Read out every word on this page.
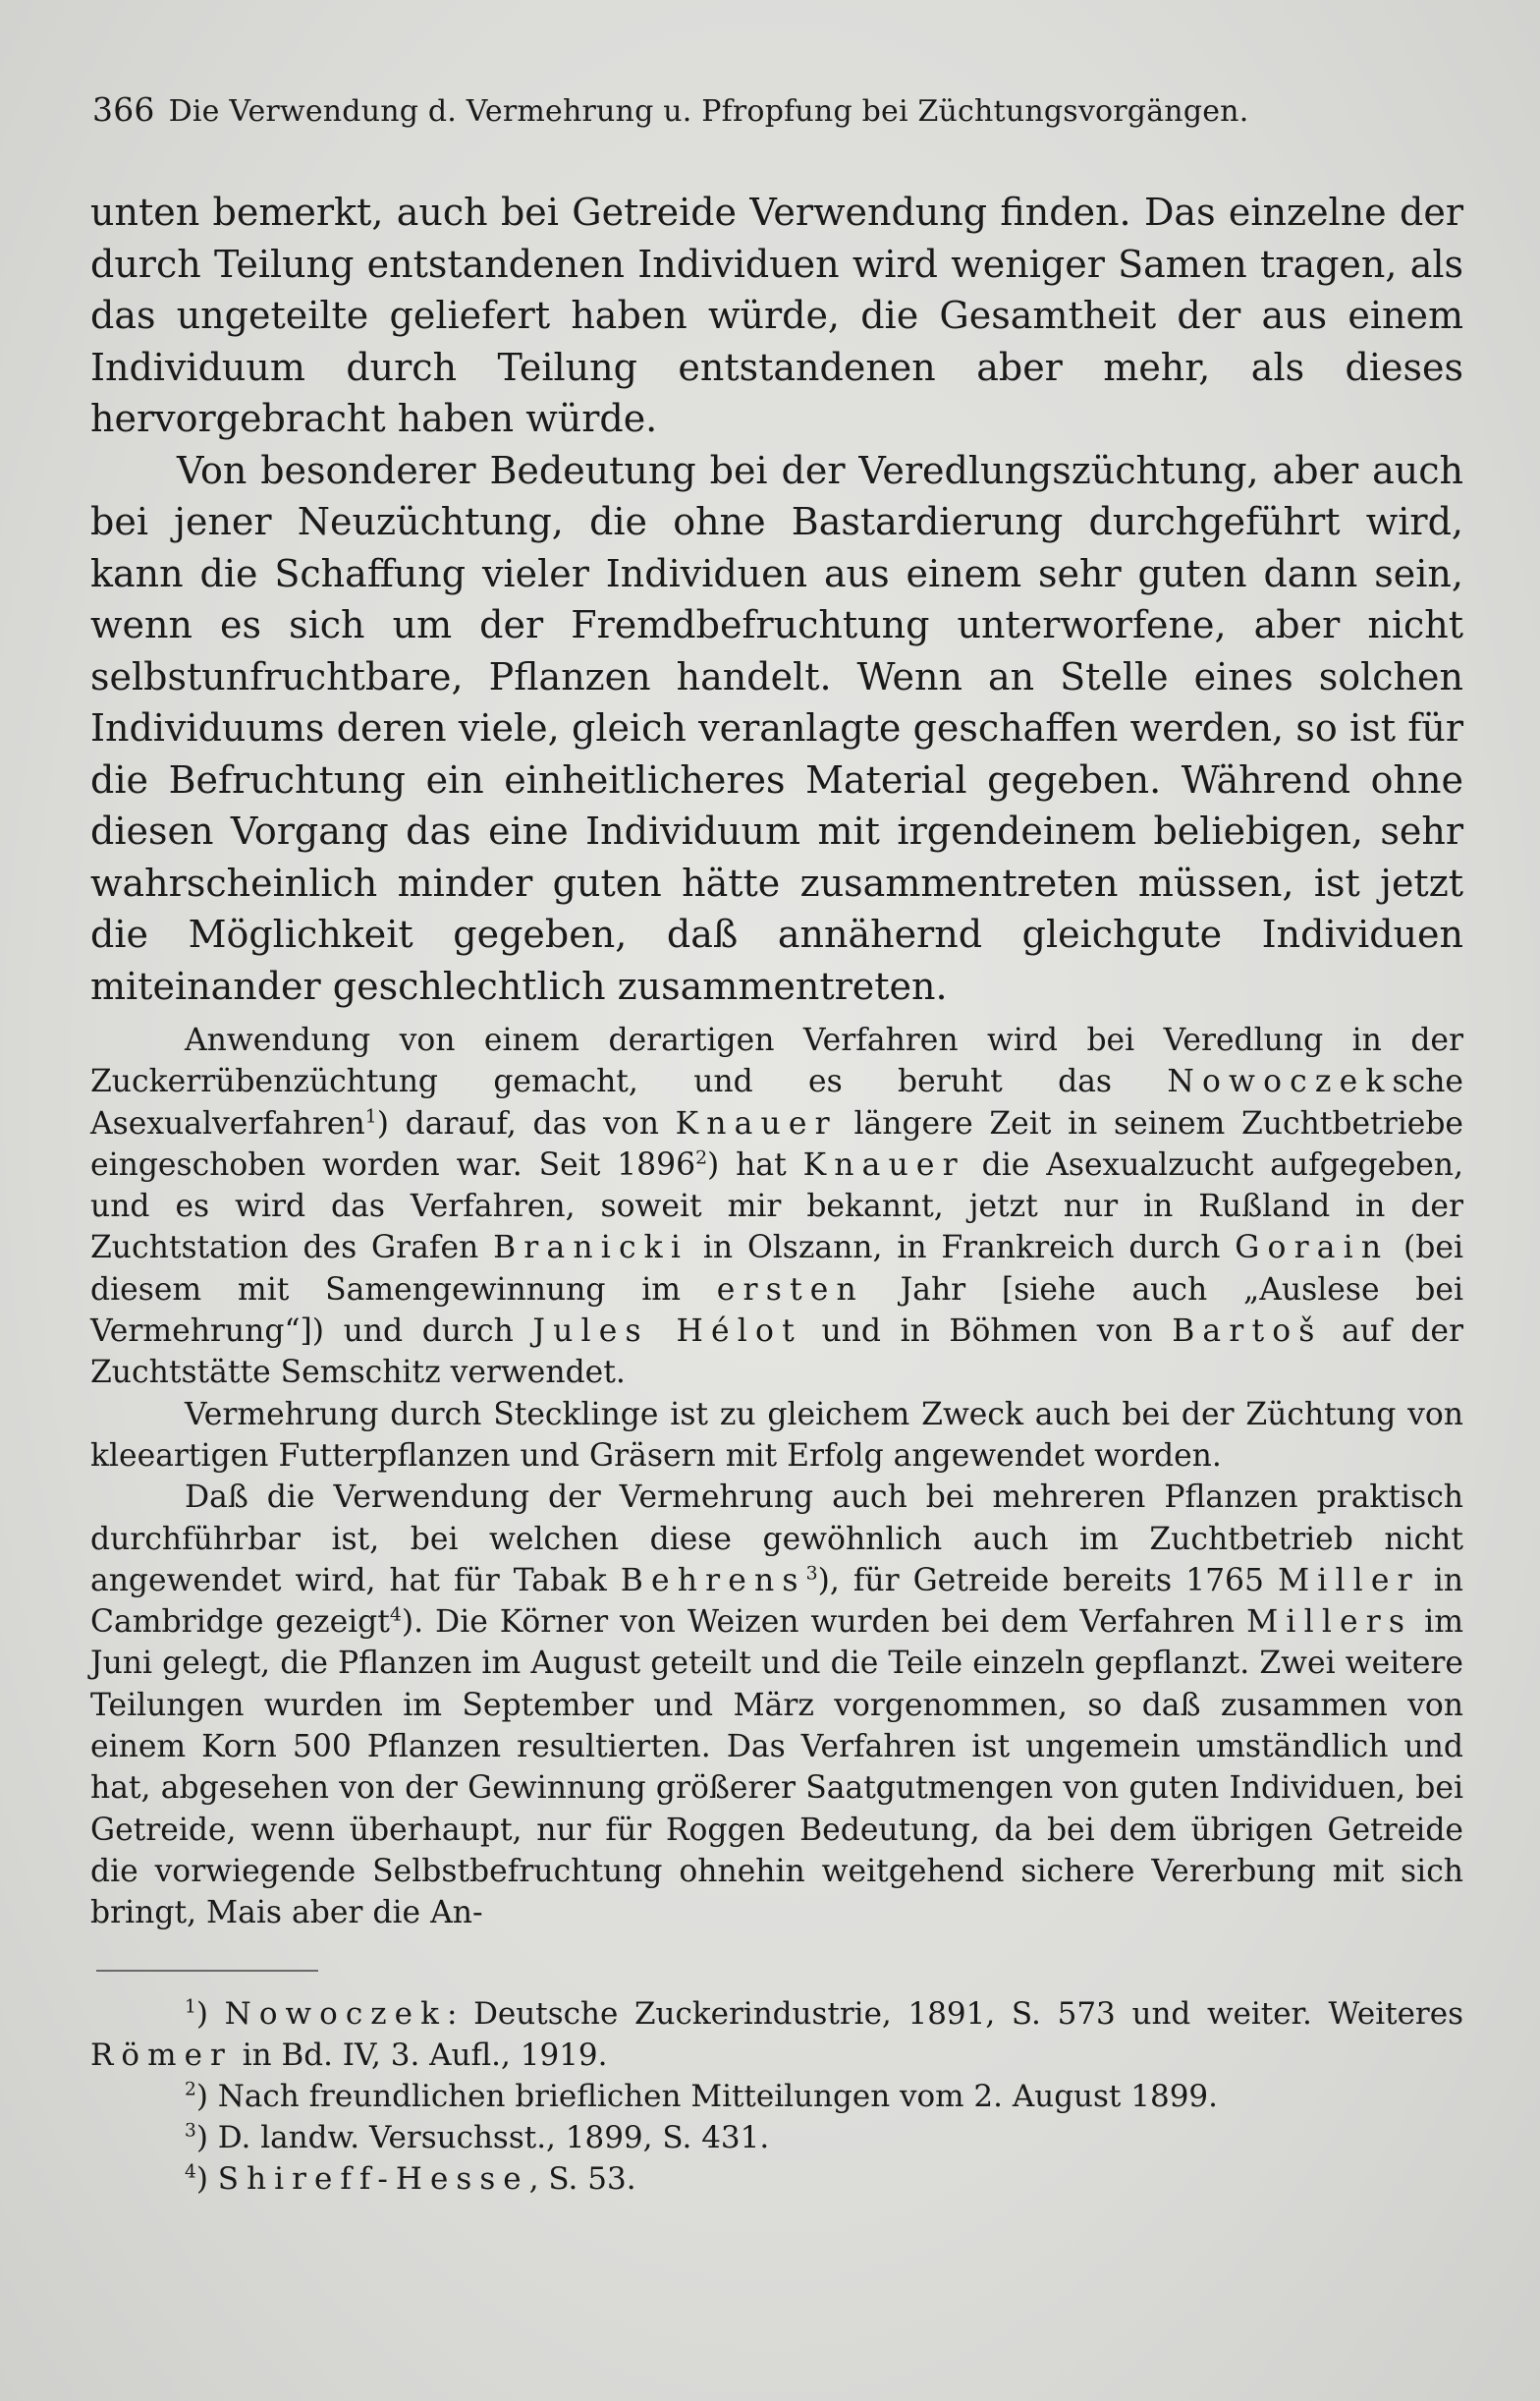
366 Die Verwendung d. Vermehrung u. Pfropfung bei Züchtungsvorgängen.

unten bemerkt, auch bei Getreide Verwendung finden. Das einzelne der durch Teilung entstandenen Individuen wird weniger Samen tragen, als das ungeteilte geliefert haben würde, die Gesamtheit der aus einem Individuum durch Teilung entstandenen aber mehr, als dieses hervorgebracht haben würde.

Von besonderer Bedeutung bei der Veredlungszüchtung, aber auch bei jener Neuzüchtung, die ohne Bastardierung durchgeführt wird, kann die Schaffung vieler Individuen aus einem sehr guten dann sein, wenn es sich um der Fremdbefruchtung unterworfene, aber nicht selbstunfruchtbare, Pflanzen handelt. Wenn an Stelle eines solchen Individuums deren viele, gleich veranlagte geschaffen werden, so ist für die Befruchtung ein einheitlicheres Material gegeben. Während ohne diesen Vorgang das eine Individuum mit irgendeinem beliebigen, sehr wahrscheinlich minder guten hätte zusammentreten müssen, ist jetzt die Möglichkeit gegeben, daß annähernd gleichgute Individuen miteinander geschlechtlich zusammentreten.

Anwendung von einem derartigen Verfahren wird bei Veredlung in der Zuckerrübenzüchtung gemacht, und es beruht das Nowoczeksche Asexualverfahren$^1$) darauf, das von Knauer längere Zeit in seinem Zuchtbetriebe eingeschoben worden war. Seit 1896$^2$) hat Knauer die Asexualzucht aufgegeben, und es wird das Verfahren, soweit mir bekannt, jetzt nur in Rußland in der Zuchtstation des Grafen Branicki in Olszann, in Frankreich durch Gorain (bei diesem mit Samengewinnung im ersten Jahr [siehe auch „Auslese bei Vermehrung“]) und durch Jules Hélot und in Böhmen von Bartoš auf der Zuchtstätte Semschitz verwendet.

Vermehrung durch Stecklinge ist zu gleichem Zweck auch bei der Züchtung von kleeartigen Futterpflanzen und Gräsern mit Erfolg angewendet worden.

Daß die Verwendung der Vermehrung auch bei mehreren Pflanzen praktisch durchführbar ist, bei welchen diese gewöhnlich auch im Zuchtbetrieb nicht angewendet wird, hat für Tabak Behrens$^3$), für Getreide bereits 1765 Miller in Cambridge gezeigt$^4$). Die Körner von Weizen wurden bei dem Verfahren Millers im Juni gelegt, die Pflanzen im August geteilt und die Teile einzeln gepflanzt. Zwei weitere Teilungen wurden im September und März vorgenommen, so daß zusammen von einem Korn 500 Pflanzen resultierten. Das Verfahren ist ungemein umständlich und hat, abgesehen von der Gewinnung größerer Saatgutmengen von guten Individuen, bei Getreide, wenn überhaupt, nur für Roggen Bedeutung, da bei dem übrigen Getreide die vorwiegende Selbstbefruchtung ohnehin weitgehend sichere Vererbung mit sich bringt, Mais aber die An-

$^1$) Nowoczek: Deutsche Zuckerindustrie, 1891, S. 573 und weiter. Weiteres Römer in Bd. IV, 3. Aufl., 1919.

$^2$) Nach freundlichen brieflichen Mitteilungen vom 2. August 1899.

$^3$) D. landw. Versuchsst., 1899, S. 431.

$^4$) Shireff-Hesse, S. 53.
